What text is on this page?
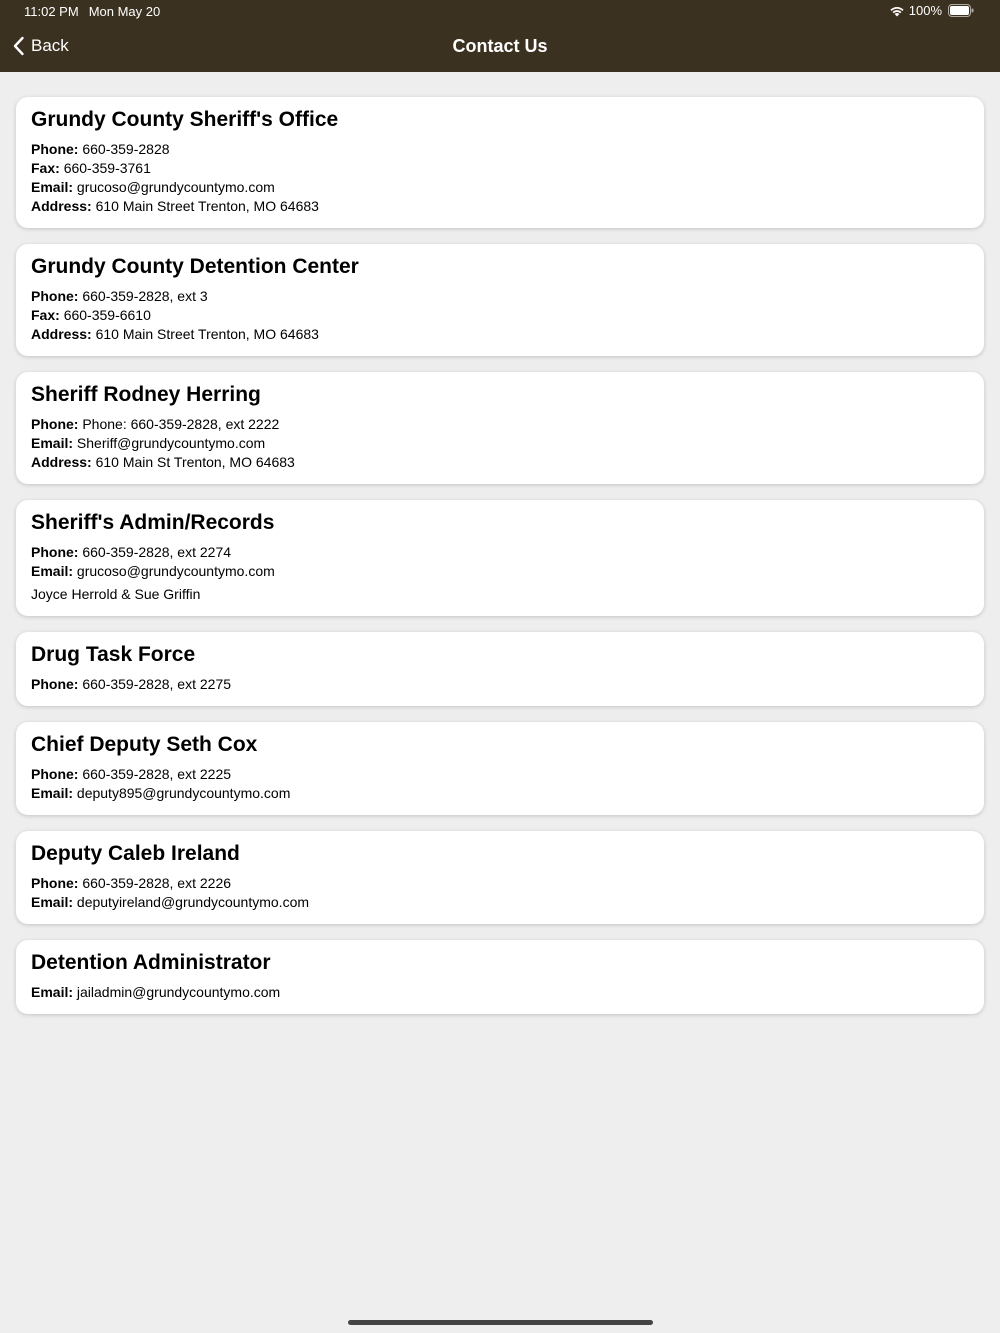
11:02 PM Mon May 20	100%
Back	Contact Us
Grundy County Sheriff's Office
Phone: 660-359-2828
Fax: 660-359-3761
Email: grucoso@grundycountymo.com
Address: 610 Main Street Trenton, MO 64683
Grundy County Detention Center
Phone: 660-359-2828, ext 3
Fax: 660-359-6610
Address: 610 Main Street Trenton, MO 64683
Sheriff Rodney Herring
Phone: Phone: 660-359-2828, ext 2222
Email: Sheriff@grundycountymo.com
Address: 610 Main St Trenton, MO 64683
Sheriff's Admin/Records
Phone: 660-359-2828, ext 2274
Email: grucoso@grundycountymo.com
Joyce Herrold & Sue Griffin
Drug Task Force
Phone: 660-359-2828, ext 2275
Chief Deputy Seth Cox
Phone: 660-359-2828, ext 2225
Email: deputy895@grundycountymo.com
Deputy Caleb Ireland
Phone: 660-359-2828, ext 2226
Email: deputyireland@grundycountymo.com
Detention Administrator
Email: jailadmin@grundycountymo.com
